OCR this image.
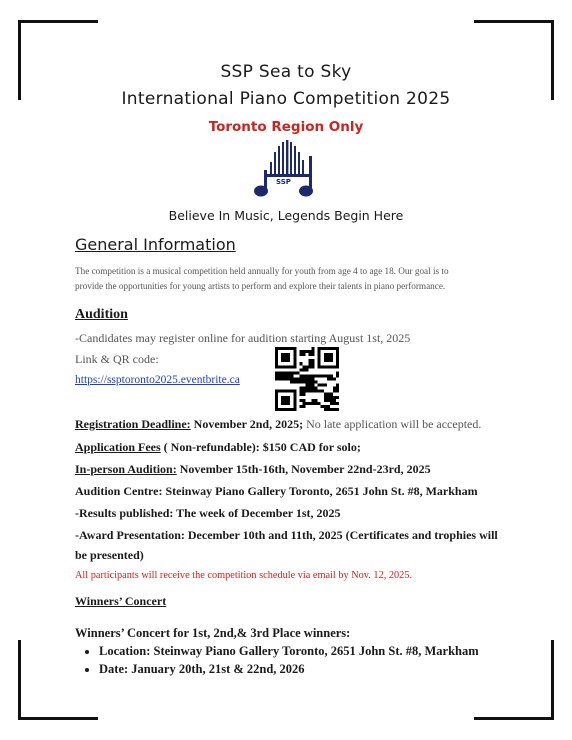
SSP Sea to Sky
International Piano Competition 2025
Toronto Region Only
SSP
Believe In Music, Legends Begin Here
General Information
The competition is a musical competition held annually for youth from age 4 to age 18. Our goal is to
provide the opportunities for young artists to perform and explore their talents in piano performance.
Audition
-Candidates may register online for audition starting August 1st, 2025
Link & QR code:
https://ssptoronto2025.eventbrite.ca
Registration Deadline: November 2nd, 2025; No late application will be accepted.
Application Fees ( Non-refundable): $150 CAD for solo;
In-person Audition: November 15th-16th, November 22nd-23rd, 2025
Audition Centre: Steinway Piano Gallery Toronto, 2651 John St. #8, Markham
-Results published: The week of December 1st, 2025
-Award Presentation: December 10th and 11th, 2025 (Certificates and trophies will
be presented)
All participants will receive the competition schedule via email by Nov. 12, 2025.
Winners’ Concert
Winners’ Concert for 1st, 2nd,& 3rd Place winners:
• Location: Steinway Piano Gallery Toronto, 2651 John St. #8, Markham
• Date: January 20th, 21st & 22nd, 2026
